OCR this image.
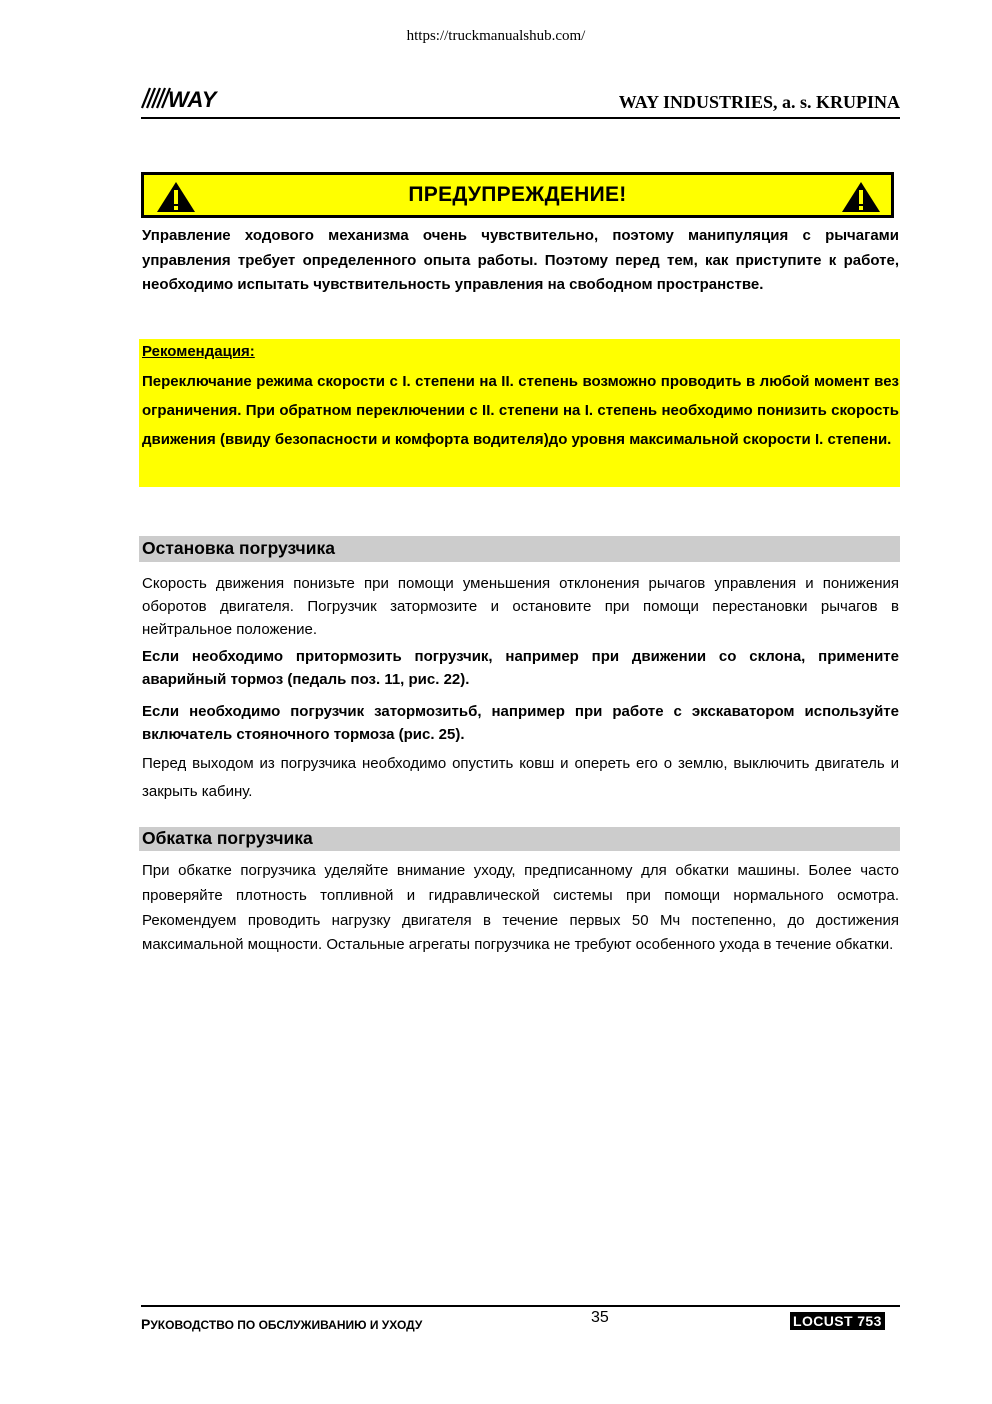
https://truckmanualshub.com/
WAY	WAY INDUSTRIES, a. s. KRUPINA
ПРЕДУПРЕЖДЕНИЕ!
Управление ходового механизма очень чувствительно, поэтому манипуляция с рычагами управления требует определенного опыта работы. Поэтому перед тем, как приступите к работе, необходимо испытать чувствительность управления на свободном пространстве.
Рекомендация:
Переключание режима скорости с I. степени на II. степень возможно проводить в любой момент вез ограничения. При обратном переключении с II. степени на I. степень необходимо понизить скорость движения (ввиду безопасности и комфорта водителя)до уровня максимальной скорости I. степени.
Остановка погрузчика
Скорость движения понизьте при помощи уменьшения отклонения рычагов управления и понижения оборотов двигателя. Погрузчик затормозите и остановите при помощи перестановки рычагов в нейтральное положение.
Если необходимо притормозить погрузчик, например при движении со склона, примените аварийный тормоз (педаль поз. 11, рис. 22).
Если необходимо погрузчик затормозитьб, например при работе с экскаватором используйте включатель стояночного тормоза (рис. 25).
Перед выходом из погрузчика необходимо опустить ковш и опереть его о землю, выключить двигатель и закрыть кабину.
Обкатка погрузчика
При обкатке погрузчика уделяйте внимание уходу, предписанному для обкатки машины. Более часто проверяйте плотность топливной и гидравлической системы при помощи нормального осмотра. Рекомендуем проводить нагрузку двигателя в течение первых 50 Мч постепенно, до достижения максимальной мощности. Остальные агрегаты погрузчика не требуют особенного ухода в течение обкатки.
РУКОВОДСТВО ПО ОБСЛУЖИВАНИЮ И УХОДУ	35	LOCUST 753
